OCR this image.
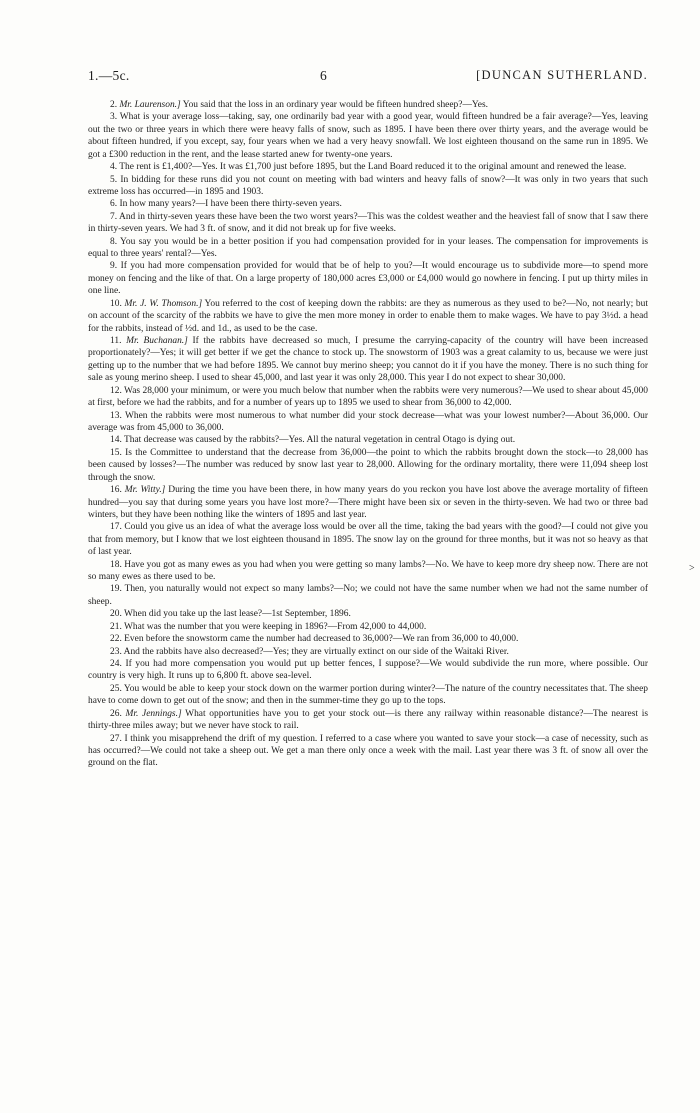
1.—5c.	6	[DUNCAN SUTHERLAND.
>

2. Mr. Laurenson.] You said that the loss in an ordinary year would be fifteen hundred sheep?—Yes.

3. What is your average loss—taking, say, one ordinarily bad year with a good year, would fifteen hundred be a fair average?—Yes, leaving out the two or three years in which there were heavy falls of snow, such as 1895. I have been there over thirty years, and the average would be about fifteen hundred, if you except, say, four years when we had a very heavy snowfall. We lost eighteen thousand on the same run in 1895. We got a £300 reduction in the rent, and the lease started anew for twenty-one years.

4. The rent is £1,400?—Yes. It was £1,700 just before 1895, but the Land Board reduced it to the original amount and renewed the lease.

5. In bidding for these runs did you not count on meeting with bad winters and heavy falls of snow?—It was only in two years that such extreme loss has occurred—in 1895 and 1903.

6. In how many years?—I have been there thirty-seven years.

7. And in thirty-seven years these have been the two worst years?—This was the coldest weather and the heaviest fall of snow that I saw there in thirty-seven years. We had 3 ft. of snow, and it did not break up for five weeks.

8. You say you would be in a better position if you had compensation provided for in your leases. The compensation for improvements is equal to three years' rental?—Yes.

9. If you had more compensation provided for would that be of help to you?—It would encourage us to subdivide more—to spend more money on fencing and the like of that. On a large property of 180,000 acres £3,000 or £4,000 would go nowhere in fencing. I put up thirty miles in one line.

10. Mr. J. W. Thomson.] You referred to the cost of keeping down the rabbits: are they as numerous as they used to be?—No, not nearly; but on account of the scarcity of the rabbits we have to give the men more money in order to enable them to make wages. We have to pay 3½d. a head for the rabbits, instead of ½d. and 1d., as used to be the case.

11. Mr. Buchanan.] If the rabbits have decreased so much, I presume the carrying-capacity of the country will have been increased proportionately?—Yes; it will get better if we get the chance to stock up. The snowstorm of 1903 was a great calamity to us, because we were just getting up to the number that we had before 1895. We cannot buy merino sheep; you cannot do it if you have the money. There is no such thing for sale as young merino sheep. I used to shear 45,000, and last year it was only 28,000. This year I do not expect to shear 30,000.

12. Was 28,000 your minimum, or were you much below that number when the rabbits were very numerous?—We used to shear about 45,000 at first, before we had the rabbits, and for a number of years up to 1895 we used to shear from 36,000 to 42,000.

13. When the rabbits were most numerous to what number did your stock decrease—what was your lowest number?—About 36,000. Our average was from 45,000 to 36,000.

14. That decrease was caused by the rabbits?—Yes. All the natural vegetation in central Otago is dying out.

15. Is the Committee to understand that the decrease from 36,000—the point to which the rabbits brought down the stock—to 28,000 has been caused by losses?—The number was reduced by snow last year to 28,000. Allowing for the ordinary mortality, there were 11,094 sheep lost through the snow.

16. Mr. Witty.] During the time you have been there, in how many years do you reckon you have lost above the average mortality of fifteen hundred—you say that during some years you have lost more?—There might have been six or seven in the thirty-seven. We had two or three bad winters, but they have been nothing like the winters of 1895 and last year.

17. Could you give us an idea of what the average loss would be over all the time, taking the bad years with the good?—I could not give you that from memory, but I know that we lost eighteen thousand in 1895. The snow lay on the ground for three months, but it was not so heavy as that of last year.

18. Have you got as many ewes as you had when you were getting so many lambs?—No. We have to keep more dry sheep now. There are not so many ewes as there used to be.

19. Then, you naturally would not expect so many lambs?—No; we could not have the same number when we had not the same number of sheep.

20. When did you take up the last lease?—1st September, 1896.

21. What was the number that you were keeping in 1896?—From 42,000 to 44,000.

22. Even before the snowstorm came the number had decreased to 36,000?—We ran from 36,000 to 40,000.

23. And the rabbits have also decreased?—Yes; they are virtually extinct on our side of the Waitaki River.

24. If you had more compensation you would put up better fences, I suppose?—We would subdivide the run more, where possible. Our country is very high. It runs up to 6,800 ft. above sea-level.

25. You would be able to keep your stock down on the warmer portion during winter?—The nature of the country necessitates that. The sheep have to come down to get out of the snow; and then in the summer-time they go up to the tops.

26. Mr. Jennings.] What opportunities have you to get your stock out—is there any railway within reasonable distance?—The nearest is thirty-three miles away; but we never have stock to rail.

27. I think you misapprehend the drift of my question. I referred to a case where you wanted to save your stock—a case of necessity, such as has occurred?—We could not take a sheep out. We get a man there only once a week with the mail. Last year there was 3 ft. of snow all over the ground on the flat.
